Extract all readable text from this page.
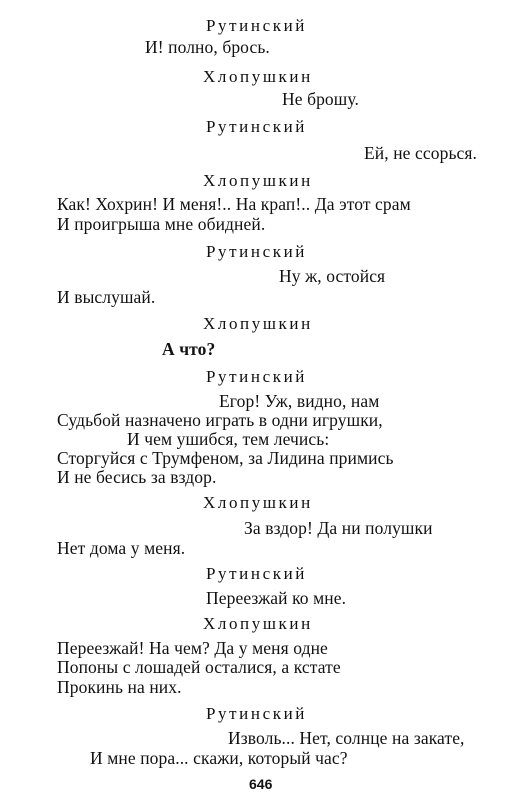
Рутинский
И! полно, брось.
Хлопушкин
Не брошу.
Рутинский
Ей, не ссорься.
Хлопушкин
Как! Хохрин! И меня!.. На крап!.. Да этот срам
И проигрыша мне обидней.
Рутинский
Ну ж, остойся
И выслушай.
Хлопушкин
А что?
Рутинский
Егор! Уж, видно, нам
Судьбой назначено играть в одни игрушки,
И чем ушибся, тем лечись:
Сторгуйся с Трумфеном, за Лидина примись
И не бесись за вздор.
Хлопушкин
За вздор! Да ни полушки
Нет дома у меня.
Рутинский
Переезжай ко мне.
Хлопушкин
Переезжай! На чем? Да у меня одне
Попоны с лошадей осталися, а кстате
Прокинь на них.
Рутинский
Изволь... Нет, солнце на закате,
И мне пора... скажи, который час?
646
